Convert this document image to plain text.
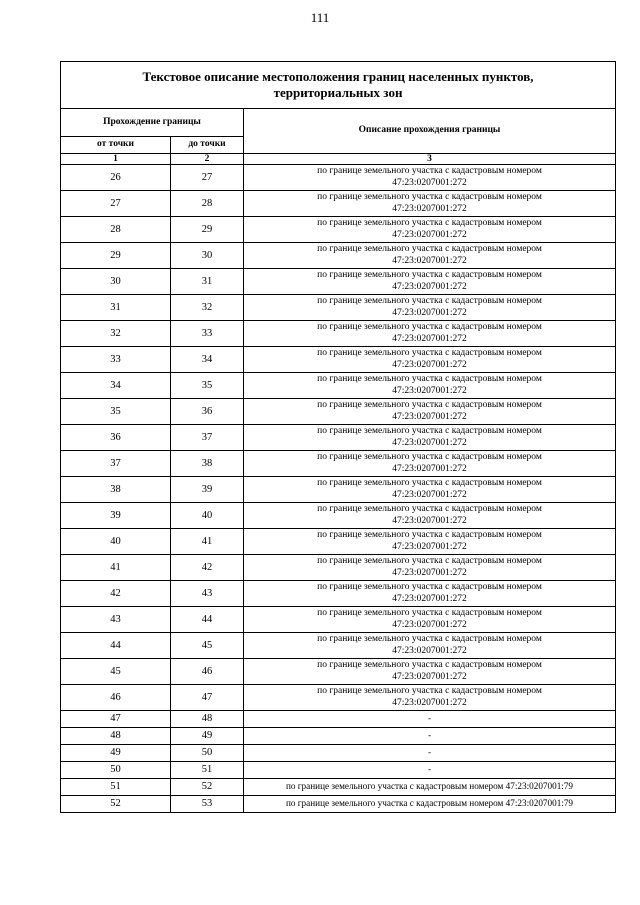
111
Текстовое описание местоположения границ населенных пунктов,
территориальных зон		

Прохождение границы		Описание прохождения границы
от точки	до точки	
1	2	3
26	27	по границе земельного участка с кадастровым номером
47:23:0207001:272

27	28	по границе земельного участка с кадастровым номером
47:23:0207001:272

28	29	по границе земельного участка с кадастровым номером
47:23:0207001:272

29	30	по границе земельного участка с кадастровым номером
47:23:0207001:272

30	31	по границе земельного участка с кадастровым номером
47:23:0207001:272

31	32	по границе земельного участка с кадастровым номером
47:23:0207001:272

32	33	по границе земельного участка с кадастровым номером
47:23:0207001:272

33	34	по границе земельного участка с кадастровым номером
47:23:0207001:272

34	35	по границе земельного участка с кадастровым номером
47:23:0207001:272

35	36	по границе земельного участка с кадастровым номером
47:23:0207001:272

36	37	по границе земельного участка с кадастровым номером
47:23:0207001:272

37	38	по границе земельного участка с кадастровым номером
47:23:0207001:272

38	39	по границе земельного участка с кадастровым номером
47:23:0207001:272

39	40	по границе земельного участка с кадастровым номером
47:23:0207001:272

40	41	по границе земельного участка с кадастровым номером
47:23:0207001:272

41	42	по границе земельного участка с кадастровым номером
47:23:0207001:272

42	43	по границе земельного участка с кадастровым номером
47:23:0207001:272

43	44	по границе земельного участка с кадастровым номером
47:23:0207001:272

44	45	по границе земельного участка с кадастровым номером
47:23:0207001:272

45	46	по границе земельного участка с кадастровым номером
47:23:0207001:272

46	47	по границе земельного участка с кадастровым номером
47:23:0207001:272

47	48	-

48	49	-

49	50	-

50	51	-

51	52	по границе земельного участка с кадастровым номером 47:23:0207001:79

52	53	по границе земельного участка с кадастровым номером 47:23:0207001:79
